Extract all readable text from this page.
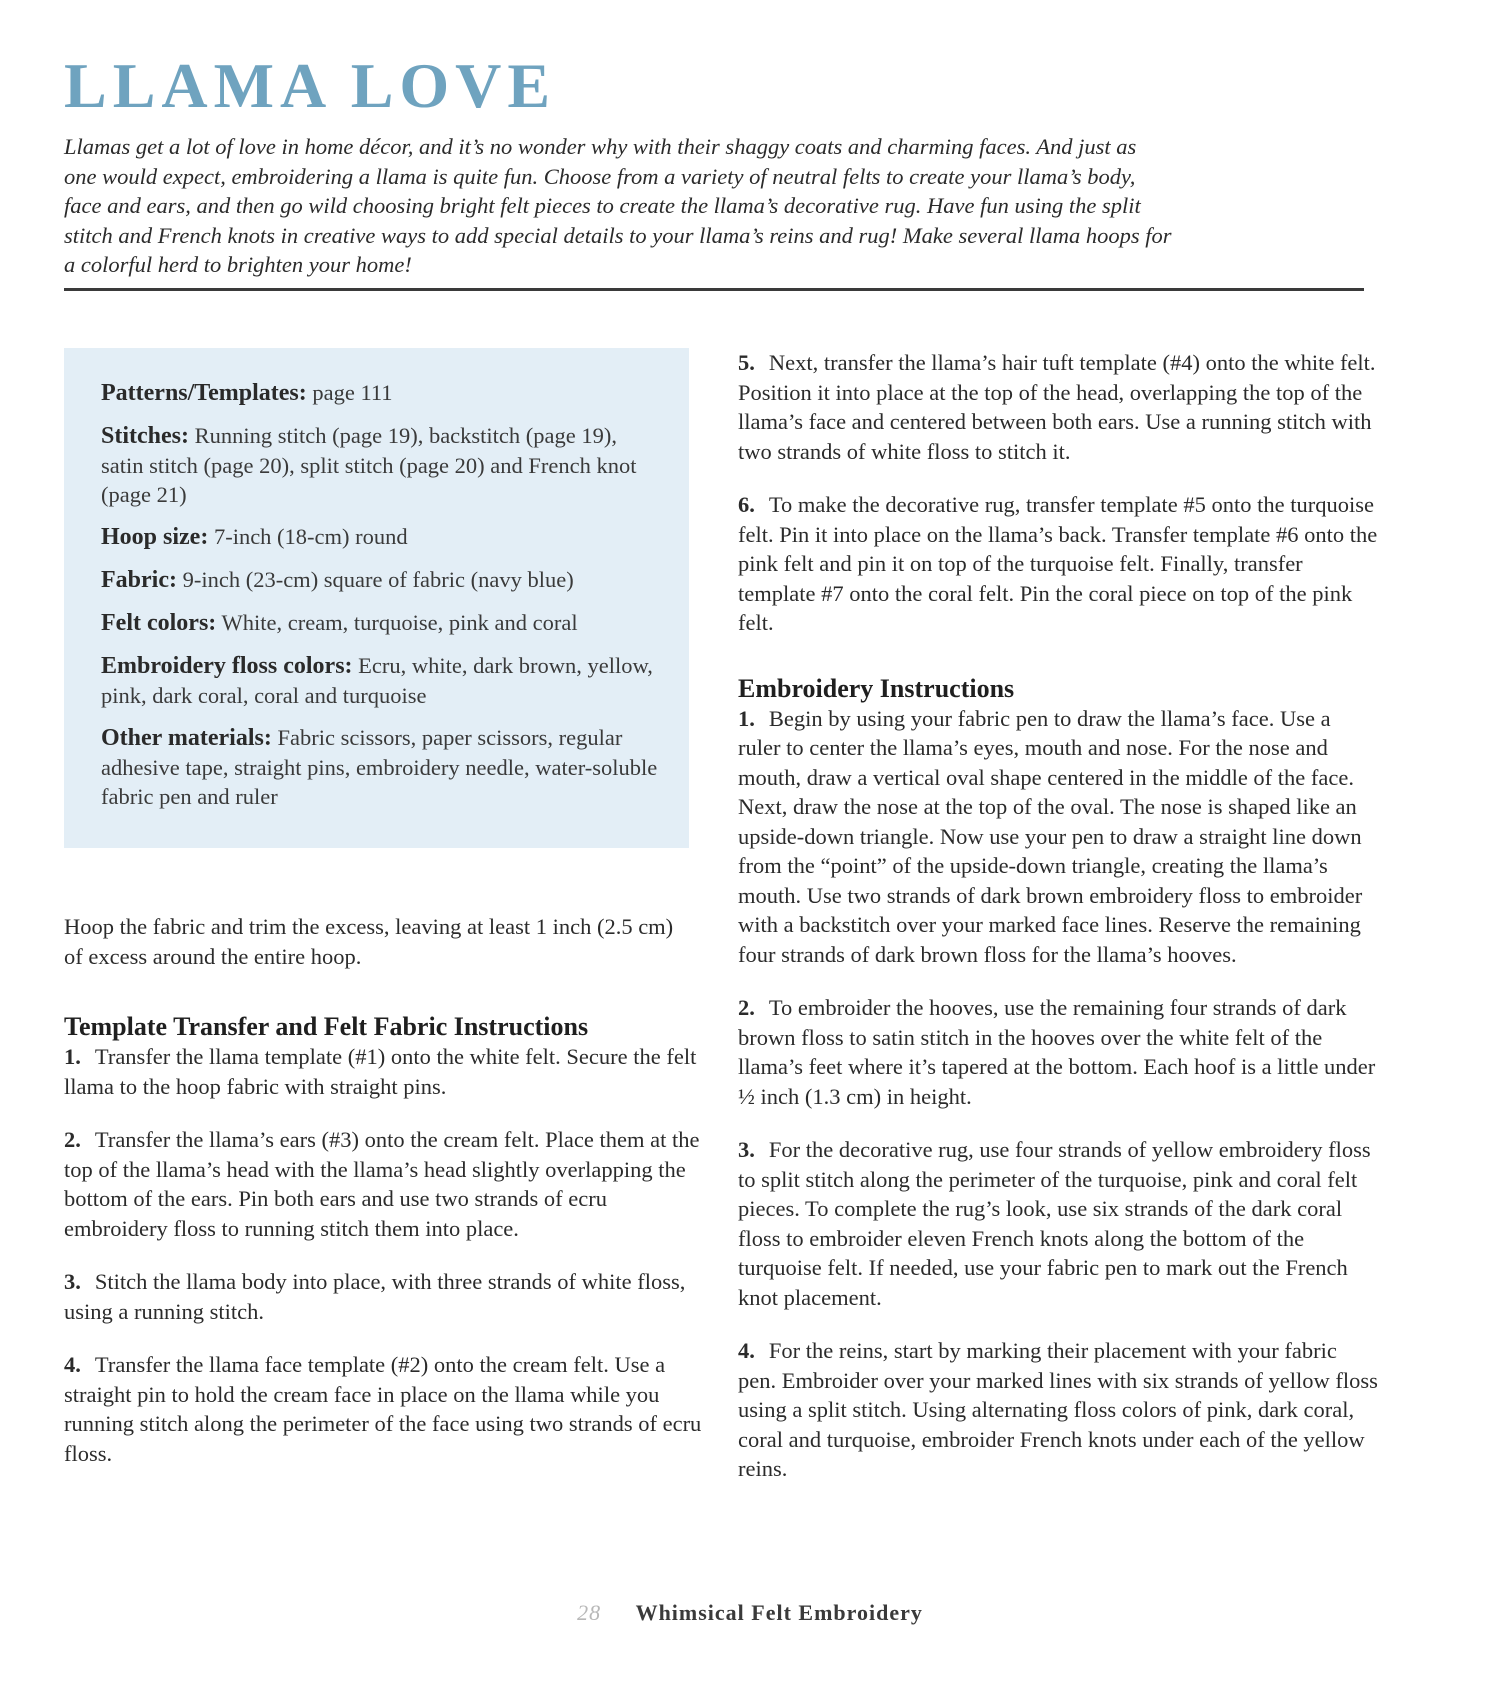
LLAMA LOVE

Llamas get a lot of love in home décor, and it’s no wonder why with their shaggy coats and charming faces. And just as one would expect, embroidering a llama is quite fun. Choose from a variety of neutral felts to create your llama’s body, face and ears, and then go wild choosing bright felt pieces to create the llama’s decorative rug. Have fun using the split stitch and French knots in creative ways to add special details to your llama’s reins and rug! Make several llama hoops for a colorful herd to brighten your home!

Patterns/Templates: page 111

Stitches: Running stitch (page 19), backstitch (page 19), satin stitch (page 20), split stitch (page 20) and French knot (page 21)

Hoop size: 7-inch (18-cm) round

Fabric: 9-inch (23-cm) square of fabric (navy blue)

Felt colors: White, cream, turquoise, pink and coral

Embroidery floss colors: Ecru, white, dark brown, yellow, pink, dark coral, coral and turquoise

Other materials: Fabric scissors, paper scissors, regular adhesive tape, straight pins, embroidery needle, water-soluble fabric pen and ruler

Hoop the fabric and trim the excess, leaving at least 1 inch (2.5 cm) of excess around the entire hoop.

Template Transfer and Felt Fabric Instructions

1. Transfer the llama template (#1) onto the white felt. Secure the felt llama to the hoop fabric with straight pins.

2. Transfer the llama’s ears (#3) onto the cream felt. Place them at the top of the llama’s head with the llama’s head slightly overlapping the bottom of the ears. Pin both ears and use two strands of ecru embroidery floss to running stitch them into place.

3. Stitch the llama body into place, with three strands of white floss, using a running stitch.

4. Transfer the llama face template (#2) onto the cream felt. Use a straight pin to hold the cream face in place on the llama while you running stitch along the perimeter of the face using two strands of ecru floss.

5. Next, transfer the llama’s hair tuft template (#4) onto the white felt. Position it into place at the top of the head, overlapping the top of the llama’s face and centered between both ears. Use a running stitch with two strands of white floss to stitch it.

6. To make the decorative rug, transfer template #5 onto the turquoise felt. Pin it into place on the llama’s back. Transfer template #6 onto the pink felt and pin it on top of the turquoise felt. Finally, transfer template #7 onto the coral felt. Pin the coral piece on top of the pink felt.

Embroidery Instructions

1. Begin by using your fabric pen to draw the llama’s face. Use a ruler to center the llama’s eyes, mouth and nose. For the nose and mouth, draw a vertical oval shape centered in the middle of the face. Next, draw the nose at the top of the oval. The nose is shaped like an upside-down triangle. Now use your pen to draw a straight line down from the “point” of the upside-down triangle, creating the llama’s mouth. Use two strands of dark brown embroidery floss to embroider with a backstitch over your marked face lines. Reserve the remaining four strands of dark brown floss for the llama’s hooves.

2. To embroider the hooves, use the remaining four strands of dark brown floss to satin stitch in the hooves over the white felt of the llama’s feet where it’s tapered at the bottom. Each hoof is a little under ½ inch (1.3 cm) in height.

3. For the decorative rug, use four strands of yellow embroidery floss to split stitch along the perimeter of the turquoise, pink and coral felt pieces. To complete the rug’s look, use six strands of the dark coral floss to embroider eleven French knots along the bottom of the turquoise felt. If needed, use your fabric pen to mark out the French knot placement.

4. For the reins, start by marking their placement with your fabric pen. Embroider over your marked lines with six strands of yellow floss using a split stitch. Using alternating floss colors of pink, dark coral, coral and turquoise, embroider French knots under each of the yellow reins.

28 Whimsical Felt Embroidery
